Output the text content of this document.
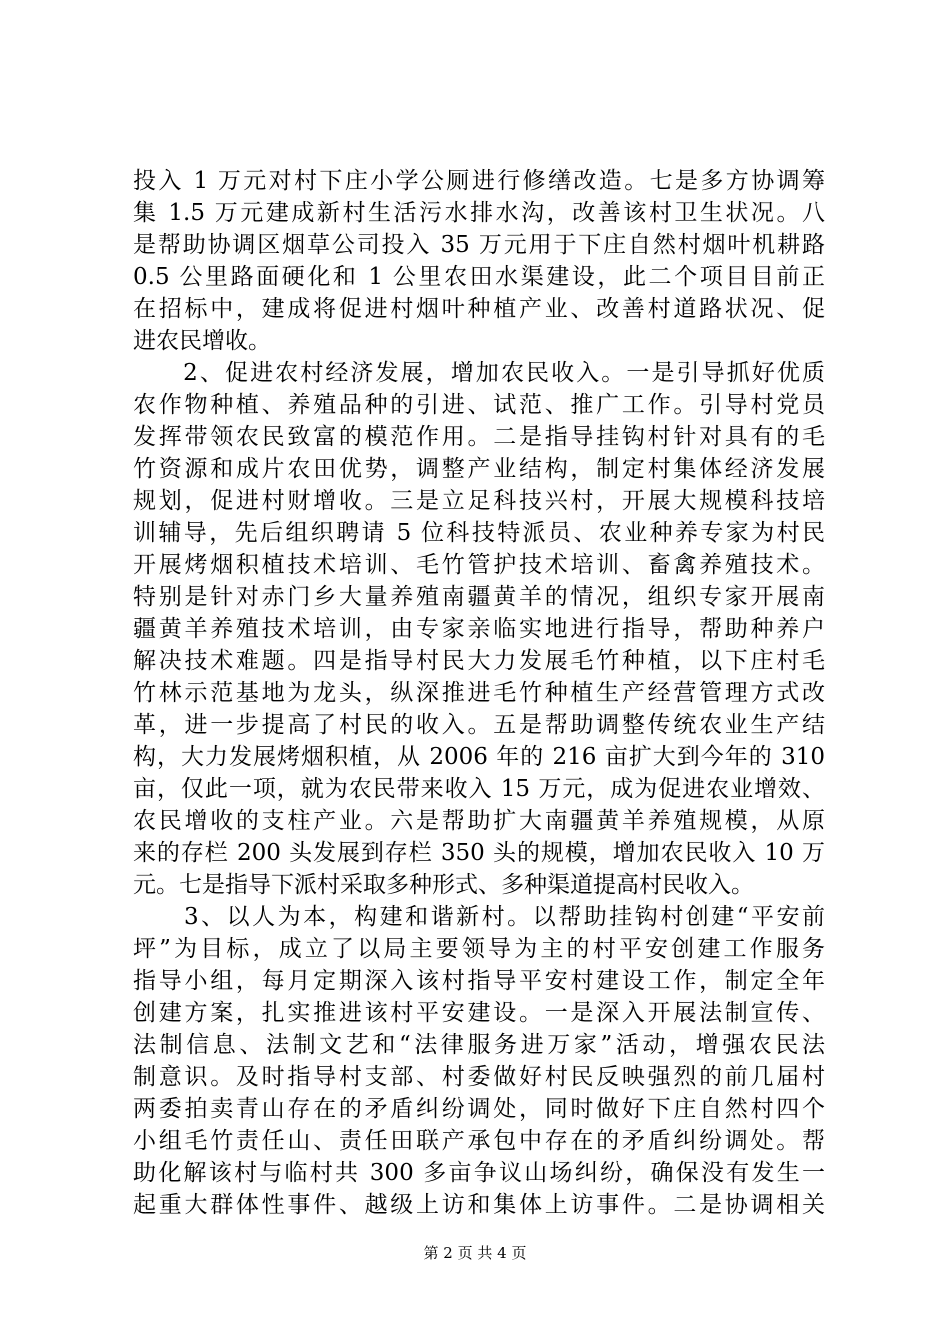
投入 1 万元对村下庄小学公厕进行修缮改造。七是多方协调筹
集 1.5 万元建成新村生活污水排水沟，改善该村卫生状况。八
是帮助协调区烟草公司投入 35 万元用于下庄自然村烟叶机耕路
0.5 公里路面硬化和 1 公里农田水渠建设，此二个项目目前正
在招标中，建成将促进村烟叶种植产业、改善村道路状况、促
进农民增收。
　　2、促进农村经济发展，增加农民收入。一是引导抓好优质
农作物种植、养殖品种的引进、试范、推广工作。引导村党员
发挥带领农民致富的模范作用。二是指导挂钩村针对具有的毛
竹资源和成片农田优势，调整产业结构，制定村集体经济发展
规划，促进村财增收。三是立足科技兴村，开展大规模科技培
训辅导，先后组织聘请 5 位科技特派员、农业种养专家为村民
开展烤烟积植技术培训、毛竹管护技术培训、畜禽养殖技术。
特别是针对赤门乡大量养殖南疆黄羊的情况，组织专家开展南
疆黄羊养殖技术培训，由专家亲临实地进行指导，帮助种养户
解决技术难题。四是指导村民大力发展毛竹种植，以下庄村毛
竹林示范基地为龙头，纵深推进毛竹种植生产经营管理方式改
革，进一步提高了村民的收入。五是帮助调整传统农业生产结
构，大力发展烤烟积植，从 2006 年的 216 亩扩大到今年的 310
亩，仅此一项，就为农民带来收入 15 万元，成为促进农业增效、
农民增收的支柱产业。六是帮助扩大南疆黄羊养殖规模，从原
来的存栏 200 头发展到存栏 350 头的规模，增加农民收入 10 万
元。七是指导下派村采取多种形式、多种渠道提高村民收入。
　　3、以人为本，构建和谐新村。以帮助挂钩村创建“平安前
坪”为目标，成立了以局主要领导为主的村平安创建工作服务
指导小组，每月定期深入该村指导平安村建设工作，制定全年
创建方案，扎实推进该村平安建设。一是深入开展法制宣传、
法制信息、法制文艺和“法律服务进万家”活动，增强农民法
制意识。及时指导村支部、村委做好村民反映强烈的前几届村
两委拍卖青山存在的矛盾纠纷调处，同时做好下庄自然村四个
小组毛竹责任山、责任田联产承包中存在的矛盾纠纷调处。帮
助化解该村与临村共 300 多亩争议山场纠纷，确保没有发生一
起重大群体性事件、越级上访和集体上访事件。二是协调相关
第 2 页 共 4 页
